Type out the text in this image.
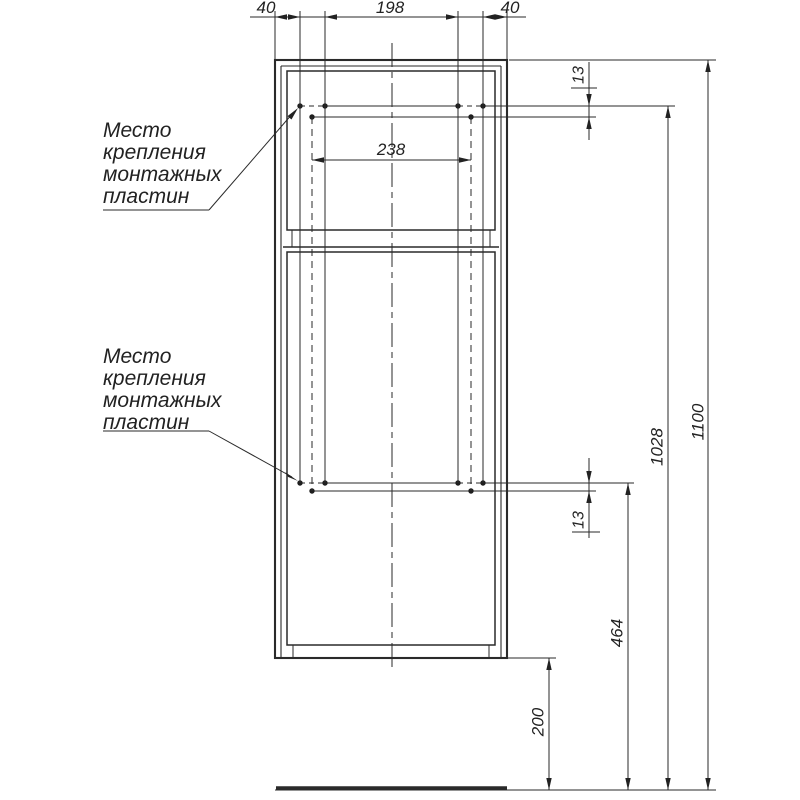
40	198	40
238
13
13
200
464
1028
1100
Место
крепления
монтажных
пластин
Место
крепления
монтажных
пластин
